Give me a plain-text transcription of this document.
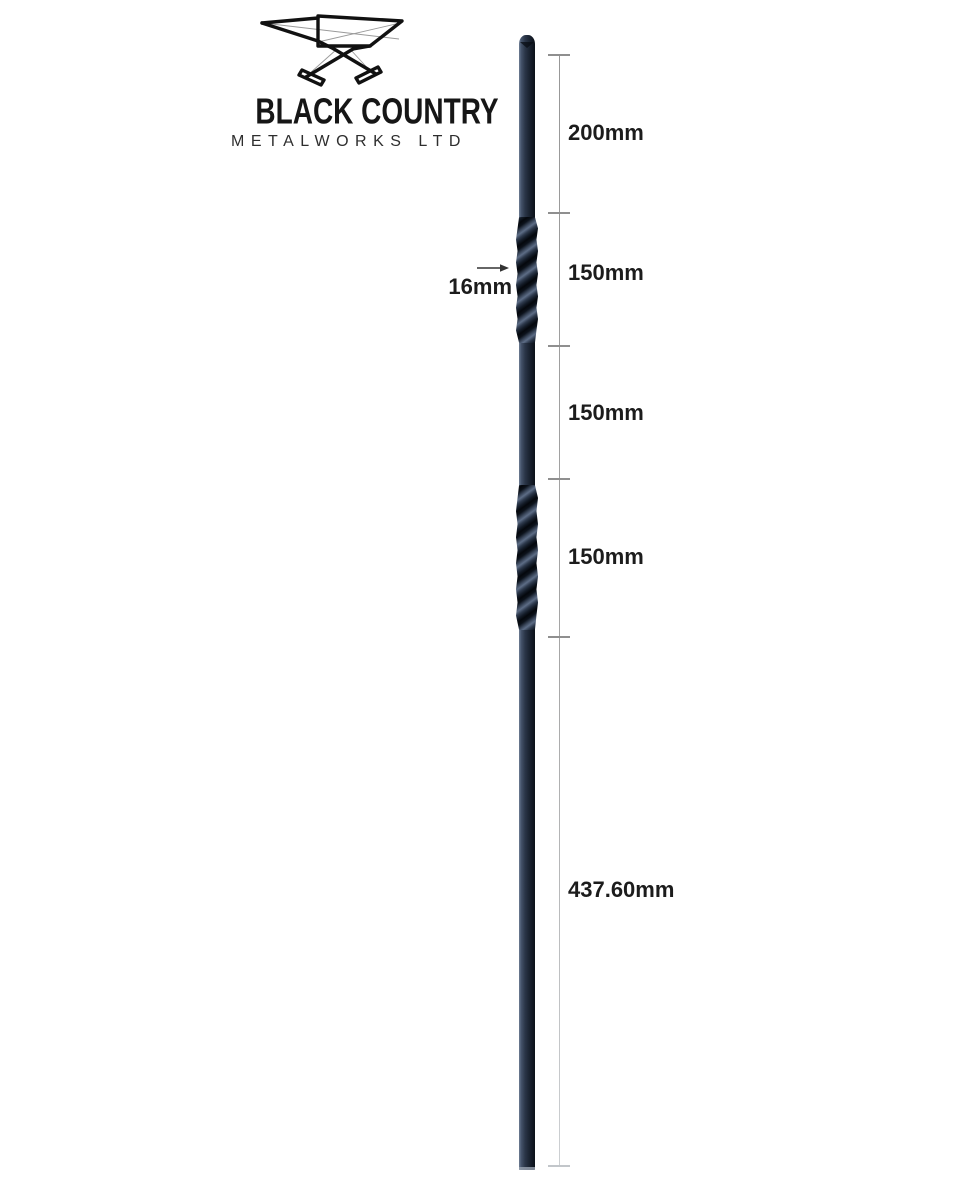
BLACK COUNTRY
METALWORKS LTD	200mm
150mm
150mm
150mm
437.60mm
16mm
